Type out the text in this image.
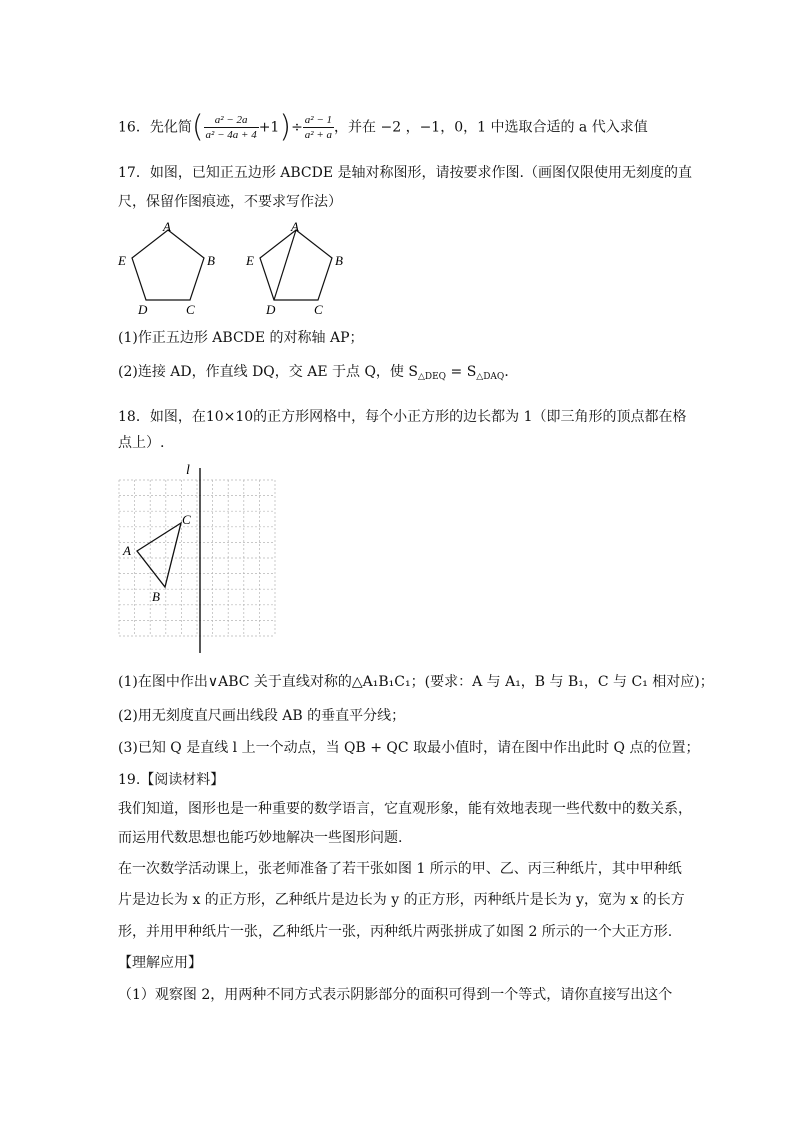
16．先化简( $\frac{\text{a² − 2a}}{\text{a² − 4a + 4}} +1)\div \frac{\text{a² − 1}}{\text{a² + a}}$ ，并在 −2 ，−1，0，1 中选取合适的 a 代入求值
17．如图，已知正五边形 ABCDE 是轴对称图形，请按要求作图.（画图仅限使用无刻度的直
尺，保留作图痕迹，不要求写作法）
A
B
C
D
E
A
B
C
D
E
(1)作正五边形 ABCDE 的对称轴 AP；
(2)连接 AD，作直线 DQ，交 AE 于点 Q，使 $S_{\triangle DEQ} = S_{\triangle DAQ}$．
18．如图，在10×10的正方形网格中，每个小正方形的边长都为 1（即三角形的顶点都在格
点上）.
l
A
B
C
(1)在图中作出∨ABC 关于直线对称的△A₁B₁C₁；(要求：A 与 A₁，B 与 B₁，C 与 C₁ 相对应)；
(2)用无刻度直尺画出线段 AB 的垂直平分线；
(3)已知 Q 是直线 l 上一个动点，当 QB + QC 取最小值时，请在图中作出此时 Q 点的位置；
19.【阅读材料】
我们知道，图形也是一种重要的数学语言，它直观形象，能有效地表现一些代数中的数关系，
而运用代数思想也能巧妙地解决一些图形问题.
在一次数学活动课上，张老师准备了若干张如图 1 所示的甲、乙、丙三种纸片，其中甲种纸
片是边长为 x 的正方形，乙种纸片是边长为 y 的正方形，丙种纸片是长为 y，宽为 x 的长方
形，并用甲种纸片一张，乙种纸片一张，丙种纸片两张拼成了如图 2 所示的一个大正方形.
【理解应用】
（1）观察图 2，用两种不同方式表示阴影部分的面积可得到一个等式，请你直接写出这个
